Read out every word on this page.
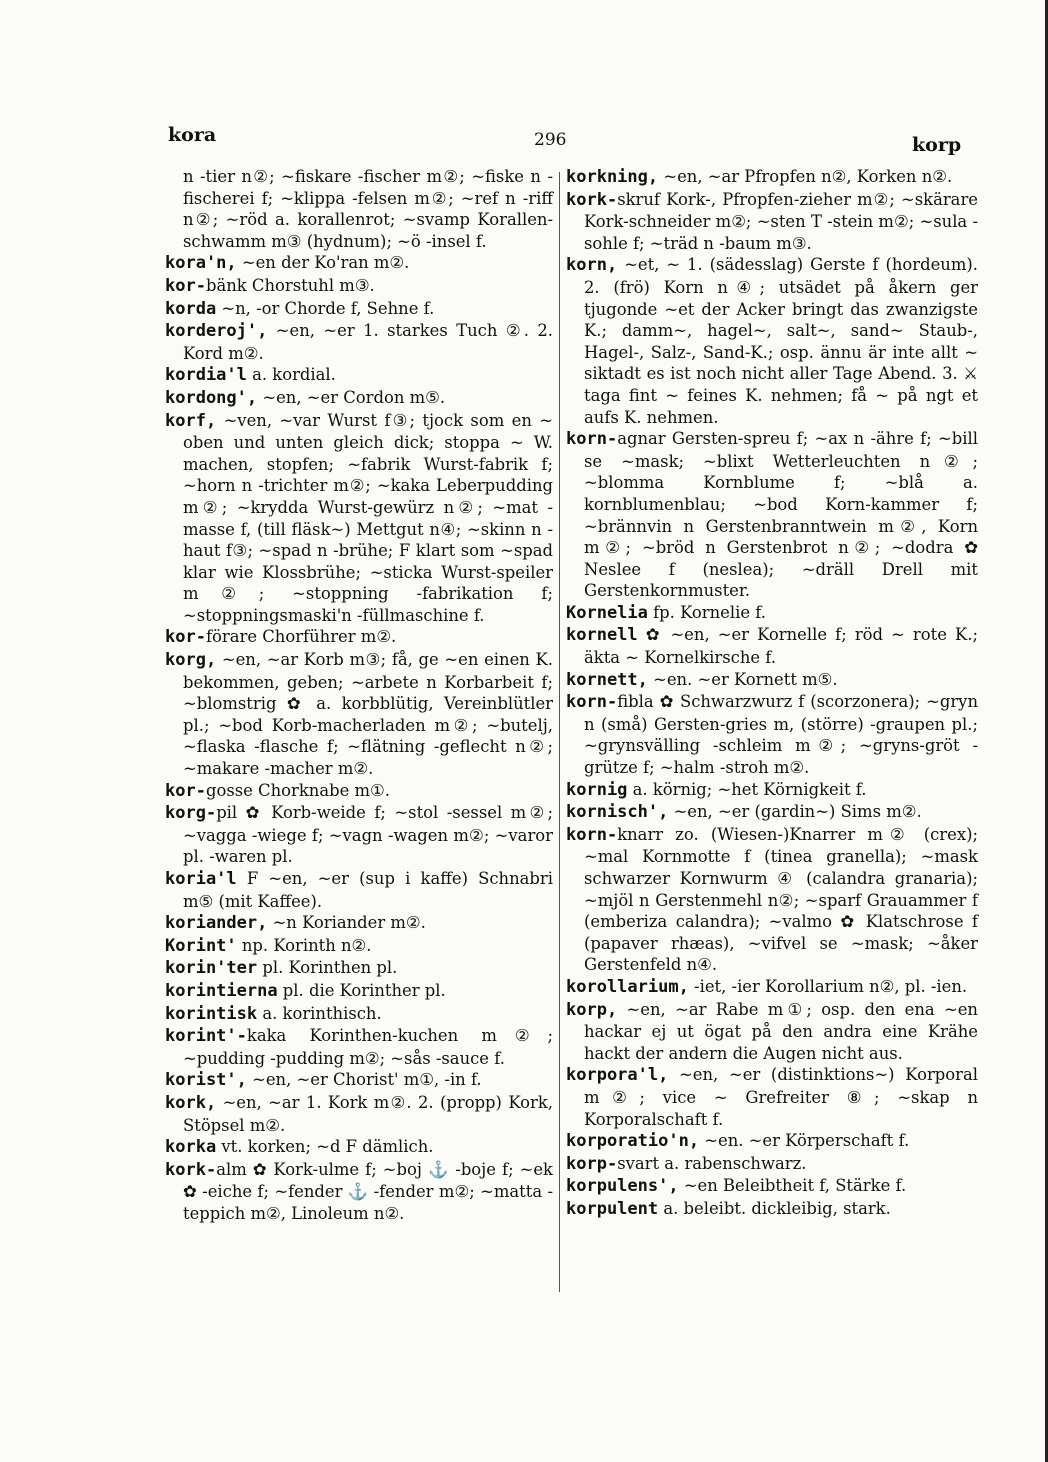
kora	296	korp
n -tier n②; ~fiskare -fischer m②; ~fiske n -fischerei f; ~klippa -felsen m②; ~ref n -riff n②; ~röd a. korallenrot; ~svamp Korallen-schwamm m③ (hydnum); ~ö -insel f.
kora'n, ~en der Ko'ran m②.
kor-bänk Chorstuhl m③.
korda ~n, -or Chorde f, Sehne f.
korderoj', ~en, ~er 1. starkes Tuch ②. 2. Kord m②.
kordia'l a. kordial.
kordong', ~en, ~er Cordon m⑤.
korf, ~ven, ~var Wurst f③; tjock som en ~ oben und unten gleich dick; stoppa ~ W. machen, stopfen; ~fabrik Wurst-fabrik f; ~horn n -trichter m②; ~kaka Leberpudding m②; ~krydda Wurst-gewürz n②; ~mat -masse f, (till fläsk~) Mettgut n④; ~skinn n -haut f③; ~spad n -brühe; F klart som ~spad klar wie Klossbrühe; ~sticka Wurst-speiler m②; ~stoppning -fabrikation f; ~stoppningsmaski'n -füllmaschine f.
kor-förare Chorführer m②.
korg, ~en, ~ar Korb m③; få, ge ~en einen K. bekommen, geben; ~arbete n Korbarbeit f; ~blomstrig ✿ a. korbblütig, Vereinblütler pl.; ~bod Korb-macherladen m②; ~butelj, ~flaska -flasche f; ~flätning -geflecht n②; ~makare -macher m②.
kor-gosse Chorknabe m①.
korg-pil ✿ Korb-weide f; ~stol -sessel m②; ~vagga -wiege f; ~vagn -wagen m②; ~varor pl. -waren pl.
koria'l F ~en, ~er (sup i kaffe) Schnabri m⑤ (mit Kaffee).
koriander, ~n Koriander m②.
Korint' np. Korinth n②.
korin'ter pl. Korinthen pl.
korintierna pl. die Korinther pl.
korintisk a. korinthisch.
korint'-kaka Korinthen-kuchen m②; ~pudding -pudding m②; ~sås -sauce f.
korist', ~en, ~er Chorist' m①, -in f.
kork, ~en, ~ar 1. Kork m②. 2. (propp) Kork, Stöpsel m②.
korka vt. korken; ~d F dämlich.
kork-alm ✿ Kork-ulme f; ~boj ⚓ -boje f; ~ek ✿ -eiche f; ~fender ⚓ -fender m②; ~matta -teppich m②, Linoleum n②.
korkning, ~en, ~ar Pfropfen n②, Korken n②.
kork-skruf Kork-, Pfropfen-zieher m②; ~skärare Kork-schneider m②; ~sten T -stein m②; ~sula -sohle f; ~träd n -baum m③.
korn, ~et, ~ 1. (sädesslag) Gerste f (hordeum). 2. (frö) Korn n④; utsädet på åkern ger tjugonde ~et der Acker bringt das zwanzigste K.; damm~, hagel~, salt~, sand~ Staub-, Hagel-, Salz-, Sand-K.; osp. ännu är inte allt ~ siktadt es ist noch nicht aller Tage Abend. 3. ⚔ taga fint ~ feines K. nehmen; få ~ på ngt et aufs K. nehmen.
korn-agnar Gersten-spreu f; ~ax n -ähre f; ~bill se ~mask; ~blixt Wetterleuchten n②; ~blomma Kornblume f; ~blå a. kornblumenblau; ~bod Korn-kammer f; ~brännvin n Gerstenbranntwein m②, Korn m②; ~bröd n Gerstenbrot n②; ~dodra ✿ Neslee f (neslea); ~dräll Drell mit Gerstenkornmuster.
Kornelia fp. Kornelie f.
kornell ✿ ~en, ~er Kornelle f; röd ~ rote K.; äkta ~ Kornelkirsche f.
kornett, ~en. ~er Kornett m⑤.
korn-fibla ✿ Schwarzwurz f (scorzonera); ~gryn n (små) Gersten-gries m, (större) -graupen pl.; ~grynsvälling -schleim m②; ~gryns-gröt -grütze f; ~halm -stroh m②.
kornig a. körnig; ~het Körnigkeit f.
kornisch', ~en, ~er (gardin~) Sims m②.
korn-knarr zo. (Wiesen-)Knarrer m② (crex); ~mal Kornmotte f (tinea granella); ~mask schwarzer Kornwurm ④ (calandra granaria); ~mjöl n Gerstenmehl n②; ~sparf Grauammer f (emberiza calandra); ~valmo ✿ Klatschrose f (papaver rhæas), ~vifvel se ~mask; ~åker Gerstenfeld n④.
korollarium, -iet, -ier Korollarium n②, pl. -ien.
korp, ~en, ~ar Rabe m①; osp. den ena ~en hackar ej ut ögat på den andra eine Krähe hackt der andern die Augen nicht aus.
korpora'l, ~en, ~er (distinktions~) Korporal m②; vice ~ Grefreiter ⑧; ~skap n Korporalschaft f.
korporatio'n, ~en. ~er Körperschaft f.
korp-svart a. rabenschwarz.
korpulens', ~en Beleibtheit f, Stärke f.
korpulent a. beleibt. dickleibig, stark.
